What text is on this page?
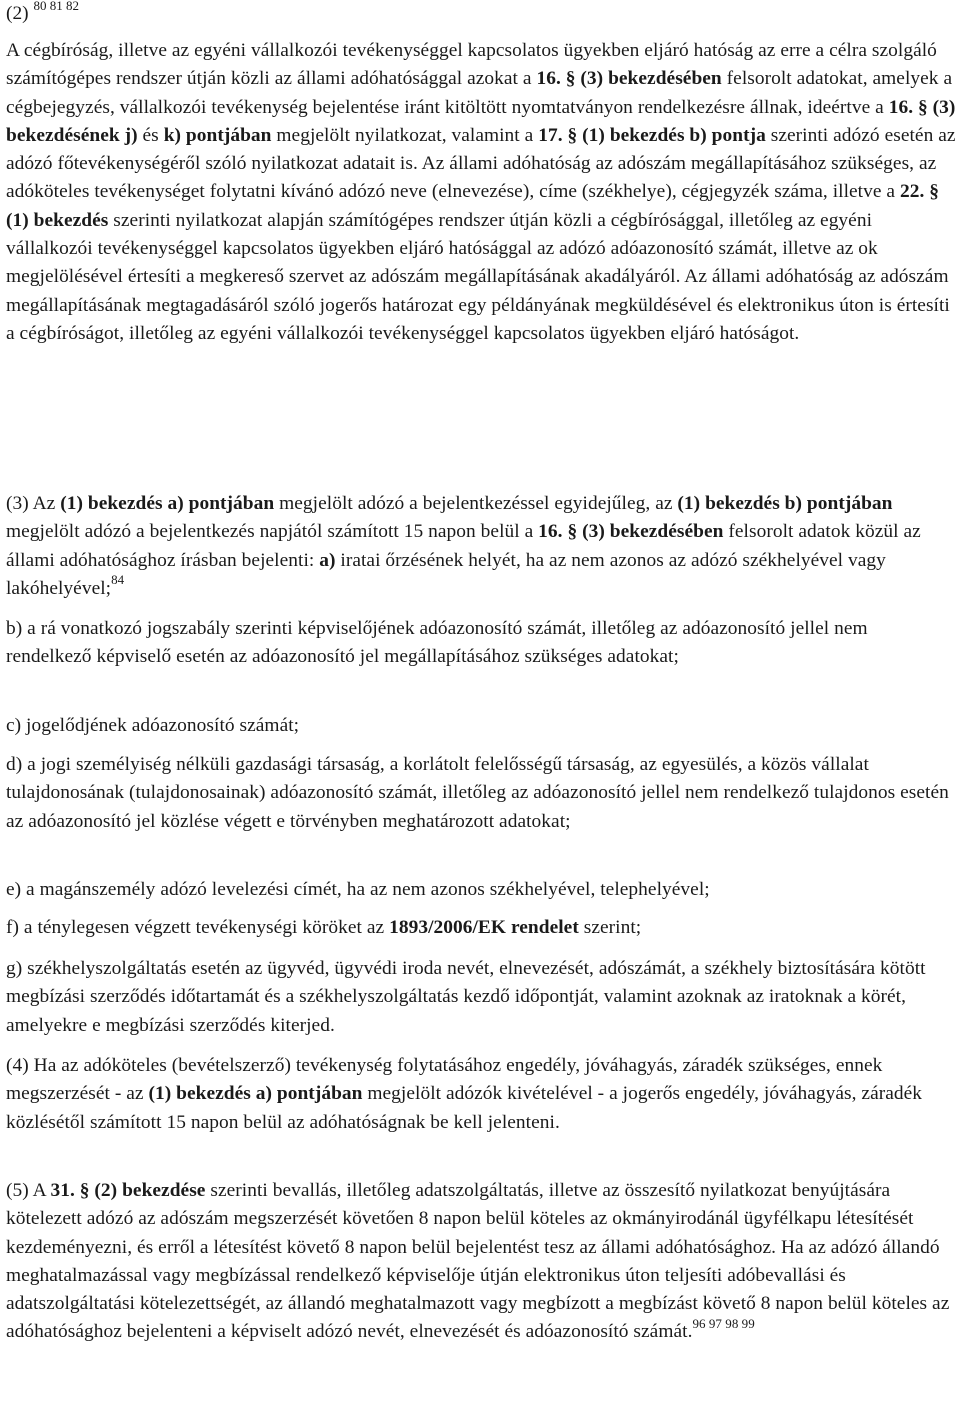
(2) $^{80 81 82}$

A cégbíróság, illetve az egyéni vállalkozói tevékenységgel kapcsolatos ügyekben eljáró hatóság az erre a célra szolgáló számítógépes rendszer útján közli az állami adóhatósággal azokat a 16. § (3) bekezdésében felsorolt adatokat, amelyek a cégbejegyzés, vállalkozói tevékenység bejelentése iránt kitöltött nyomtatványon rendelkezésre állnak, ideértve a 16. § (3) bekezdésének j) és k) pontjában megjelölt nyilatkozat, valamint a 17. § (1) bekezdés b) pontja szerinti adózó esetén az adózó főtevékenységéről szóló nyilatkozat adatait is. Az állami adóhatóság az adószám megállapításához szükséges, az adóköteles tevékenységet folytatni kívánó adózó neve (elnevezése), címe (székhelye), cégjegyzék száma, illetve a 22. § (1) bekezdés szerinti nyilatkozat alapján számítógépes rendszer útján közli a cégbírósággal, illetőleg az egyéni vállalkozói tevékenységgel kapcsolatos ügyekben eljáró hatósággal az adózó adóazonosító számát, illetve az ok megjelölésével értesíti a megkereső szervet az adószám megállapításának akadályáról. Az állami adóhatóság az adószám megállapításának megtagadásáról szóló jogerős határozat egy példányának megküldésével és elektronikus úton is értesíti a cégbíróságot, illetőleg az egyéni vállalkozói tevékenységgel kapcsolatos ügyekben eljáró hatóságot.

(3) Az (1) bekezdés a) pontjában megjelölt adózó a bejelentkezéssel egyidejűleg, az (1) bekezdés b) pontjában megjelölt adózó a bejelentkezés napjától számított 15 napon belül a 16. § (3) bekezdésében felsorolt adatok közül az állami adóhatósághoz írásban bejelenti: a) iratai őrzésének helyét, ha az nem azonos az adózó székhelyével vagy lakóhelyével;$^{84}$

b) a rá vonatkozó jogszabály szerinti képviselőjének adóazonosító számát, illetőleg az adóazonosító jellel nem rendelkező képviselő esetén az adóazonosító jel megállapításához szükséges adatokat;

c) jogelődjének adóazonosító számát;

d) a jogi személyiség nélküli gazdasági társaság, a korlátolt felelősségű társaság, az egyesülés, a közös vállalat tulajdonosának (tulajdonosainak) adóazonosító számát, illetőleg az adóazonosító jellel nem rendelkező tulajdonos esetén az adóazonosító jel közlése végett e törvényben meghatározott adatokat;

e) a magánszemély adózó levelezési címét, ha az nem azonos székhelyével, telephelyével;

f) a ténylegesen végzett tevékenységi köröket az 1893/2006/EK rendelet szerint;

g) székhelyszolgáltatás esetén az ügyvéd, ügyvédi iroda nevét, elnevezését, adószámát, a székhely biztosítására kötött megbízási szerződés időtartamát és a székhelyszolgáltatás kezdő időpontját, valamint azoknak az iratoknak a körét, amelyekre e megbízási szerződés kiterjed.

(4) Ha az adóköteles (bevételszerző) tevékenység folytatásához engedély, jóváhagyás, záradék szükséges, ennek megszerzését - az (1) bekezdés a) pontjában megjelölt adózók kivételével - a jogerős engedély, jóváhagyás, záradék közlésétől számított 15 napon belül az adóhatóságnak be kell jelenteni.

(5) A 31. § (2) bekezdése szerinti bevallás, illetőleg adatszolgáltatás, illetve az összesítő nyilatkozat benyújtására kötelezett adózó az adószám megszerzését követően 8 napon belül köteles az okmányirodánál ügyfélkapu létesítését kezdeményezni, és erről a létesítést követő 8 napon belül bejelentést tesz az állami adóhatósághoz. Ha az adózó állandó meghatalmazással vagy megbízással rendelkező képviselője útján elektronikus úton teljesíti adóbevallási és adatszolgáltatási kötelezettségét, az állandó meghatalmazott vagy megbízott a megbízást követő 8 napon belül köteles az adóhatósághoz bejelenteni a képviselt adózó nevét, elnevezését és adóazonosító számát.$^{96 97 98 99}$
